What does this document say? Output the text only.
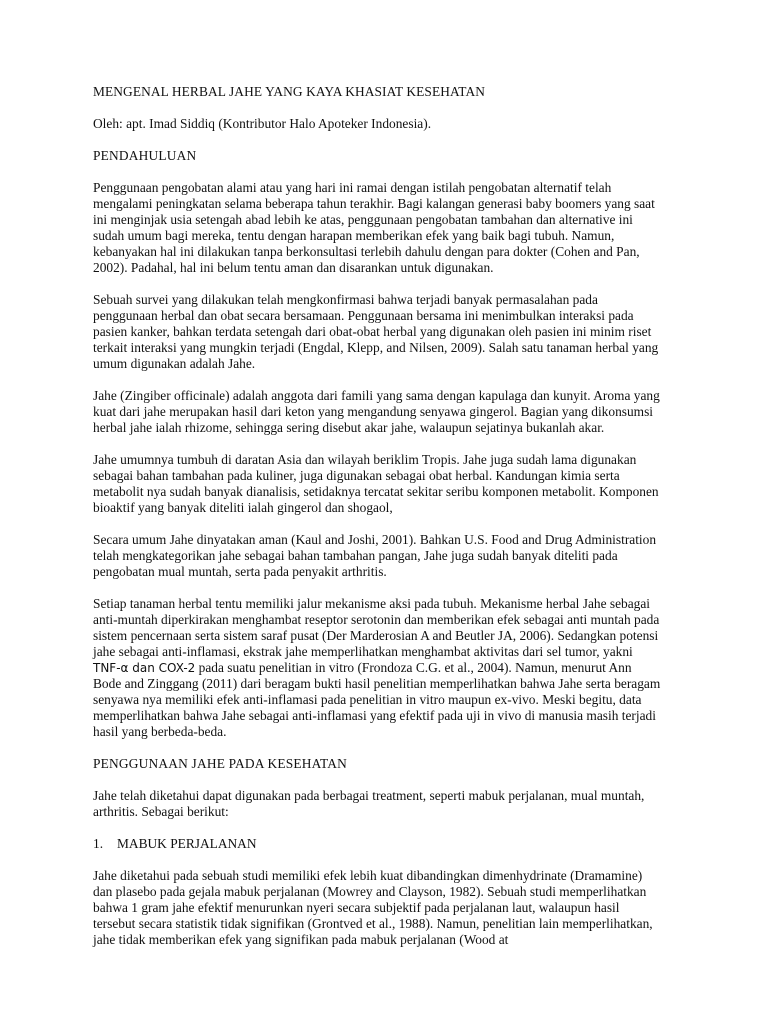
MENGENAL HERBAL JAHE YANG KAYA KHASIAT KESEHATAN

Oleh: apt. Imad Siddiq (Kontributor Halo Apoteker Indonesia).

PENDAHULUAN

Penggunaan pengobatan alami atau yang hari ini ramai dengan istilah pengobatan alternatif telah mengalami peningkatan selama beberapa tahun terakhir. Bagi kalangan generasi baby boomers yang saat ini menginjak usia setengah abad lebih ke atas, penggunaan pengobatan tambahan dan alternative ini sudah umum bagi mereka, tentu dengan harapan memberikan efek yang baik bagi tubuh. Namun, kebanyakan hal ini dilakukan tanpa berkonsultasi terlebih dahulu dengan para dokter (Cohen and Pan, 2002). Padahal, hal ini belum tentu aman dan disarankan untuk digunakan.

Sebuah survei yang dilakukan telah mengkonfirmasi bahwa terjadi banyak permasalahan pada penggunaan herbal dan obat secara bersamaan. Penggunaan bersama ini menimbulkan interaksi pada pasien kanker, bahkan terdata setengah dari obat-obat herbal yang digunakan oleh pasien ini minim riset terkait interaksi yang mungkin terjadi (Engdal, Klepp, and Nilsen, 2009). Salah satu tanaman herbal yang umum digunakan adalah Jahe.

Jahe (Zingiber officinale) adalah anggota dari famili yang sama dengan kapulaga dan kunyit. Aroma yang kuat dari jahe merupakan hasil dari keton yang mengandung senyawa gingerol. Bagian yang dikonsumsi herbal jahe ialah rhizome, sehingga sering disebut akar jahe, walaupun sejatinya bukanlah akar.

Jahe umumnya tumbuh di daratan Asia dan wilayah beriklim Tropis. Jahe juga sudah lama digunakan sebagai bahan tambahan pada kuliner, juga digunakan sebagai obat herbal. Kandungan kimia serta metabolit nya sudah banyak dianalisis, setidaknya tercatat sekitar seribu komponen metabolit. Komponen bioaktif yang banyak diteliti ialah gingerol dan shogaol,

Secara umum Jahe dinyatakan aman (Kaul and Joshi, 2001). Bahkan U.S. Food and Drug Administration telah mengkategorikan jahe sebagai bahan tambahan pangan, Jahe juga sudah banyak diteliti pada pengobatan mual muntah, serta pada penyakit arthritis.

Setiap tanaman herbal tentu memiliki jalur mekanisme aksi pada tubuh. Mekanisme herbal Jahe sebagai anti-muntah diperkirakan menghambat reseptor serotonin dan memberikan efek sebagai anti muntah pada sistem pencernaan serta sistem saraf pusat (Der Marderosian A and Beutler JA, 2006). Sedangkan potensi jahe sebagai anti-inflamasi, ekstrak jahe memperlihatkan menghambat aktivitas dari sel tumor, yakni TNF-α dan COX-2 pada suatu penelitian in vitro (Frondoza C.G. et al., 2004). Namun, menurut Ann Bode and Zinggang (2011) dari beragam bukti hasil penelitian memperlihatkan bahwa Jahe serta beragam senyawa nya memiliki efek anti-inflamasi pada penelitian in vitro maupun ex-vivo. Meski begitu, data memperlihatkan bahwa Jahe sebagai anti-inflamasi yang efektif pada uji in vivo di manusia masih terjadi hasil yang berbeda-beda.

PENGGUNAAN JAHE PADA KESEHATAN

Jahe telah diketahui dapat digunakan pada berbagai treatment, seperti mabuk perjalanan, mual muntah, arthritis. Sebagai berikut:

1. MABUK PERJALANAN

Jahe diketahui pada sebuah studi memiliki efek lebih kuat dibandingkan dimenhydrinate (Dramamine) dan plasebo pada gejala mabuk perjalanan (Mowrey and Clayson, 1982). Sebuah studi memperlihatkan bahwa 1 gram jahe efektif menurunkan nyeri secara subjektif pada perjalanan laut, walaupun hasil tersebut secara statistik tidak signifikan (Grontved et al., 1988). Namun, penelitian lain memperlihatkan, jahe tidak memberikan efek yang signifikan pada mabuk perjalanan (Wood at
